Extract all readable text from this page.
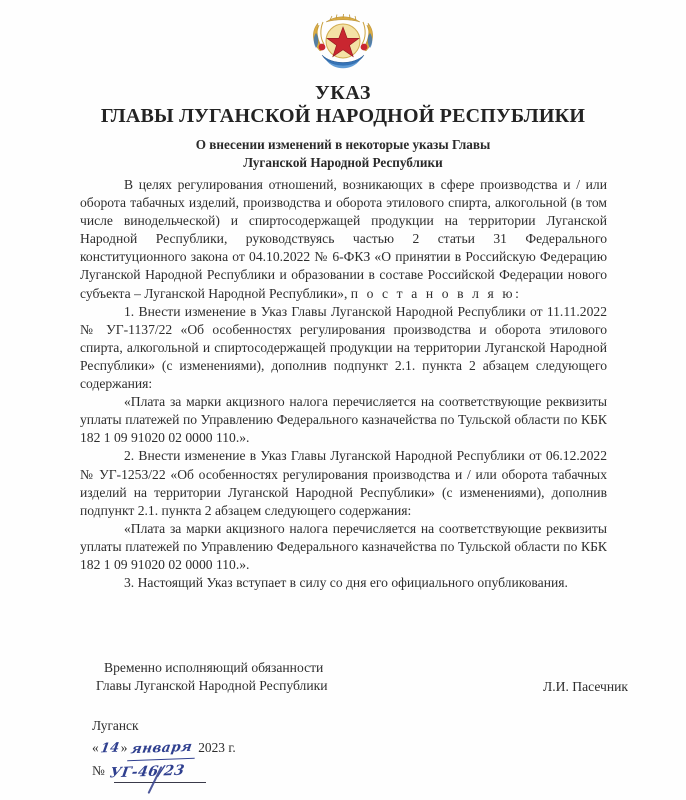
УКАЗ
ГЛАВЫ ЛУГАНСКОЙ НАРОДНОЙ РЕСПУБЛИКИ
О внесении изменений в некоторые указы Главы
Луганской Народной Республики

В целях регулирования отношений, возникающих в сфере производства и / или оборота табачных изделий, производства и оборота этилового спирта, алкогольной (в том числе винодельческой) и спиртосодержащей продукции на территории Луганской Народной Республики, руководствуясь частью 2 статьи 31 Федерального конституционного закона от 04.10.2022 № 6-ФКЗ «О принятии в Российскую Федерацию Луганской Народной Республики и образовании в составе Российской Федерации нового субъекта – Луганской Народной Республики», п о с т а н о в л я ю:

1. Внести изменение в Указ Главы Луганской Народной Республики от 11.11.2022 № УГ-1137/22 «Об особенностях регулирования производства и оборота этилового спирта, алкогольной и спиртосодержащей продукции на территории Луганской Народной Республики» (с изменениями), дополнив подпункт 2.1. пункта 2 абзацем следующего содержания:

«Плата за марки акцизного налога перечисляется на соответствующие реквизиты уплаты платежей по Управлению Федерального казначейства по Тульской области по КБК 182 1 09 91020 02 0000 110.».

2. Внести изменение в Указ Главы Луганской Народной Республики от 06.12.2022 № УГ-1253/22 «Об особенностях регулирования производства и / или оборота табачных изделий на территории Луганской Народной Республики» (с изменениями), дополнив подпункт 2.1. пункта 2 абзацем следующего содержания:

«Плата за марки акцизного налога перечисляется на соответствующие реквизиты уплаты платежей по Управлению Федерального казначейства по Тульской области по КБК 182 1 09 91020 02 0000 110.».

3. Настоящий Указ вступает в силу со дня его официального опубликования.

Временно исполняющий обязанности
Главы Луганской Народной Республики	Л.И. Пасечник
Луганск
«14» января 2023 г.
№ УГ-46/23
